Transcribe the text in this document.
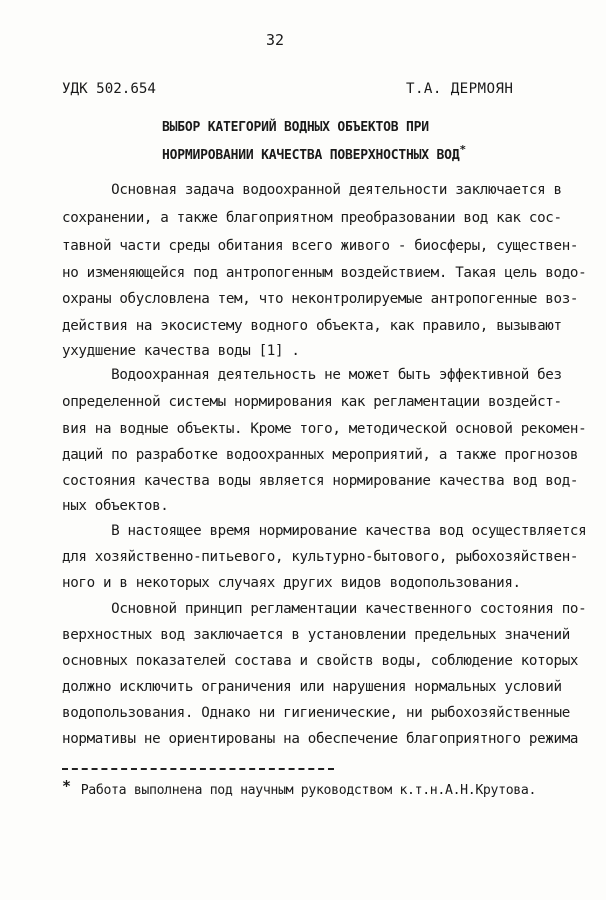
32
УДК 502.654	Т.А. ДЕРМОЯН
ВЫБОР КАТЕГОРИЙ ВОДНЫХ ОБЪЕКТОВ ПРИ
НОРМИРОВАНИИ КАЧЕСТВА ПОВЕРХНОСТНЫХ ВОД*
Основная задача водоохранной деятельности заключается в
сохранении, а также благоприятном преобразовании вод как сос-
тавной части среды обитания всего живого - биосферы, существен-
но изменяющейся под антропогенным воздействием. Такая цель водо-
охраны обусловлена тем, что неконтролируемые антропогенные воз-
действия на экосистему водного объекта, как правило, вызывают
ухудшение качества воды [1] .
Водоохранная деятельность не может быть эффективной без
определенной системы нормирования как регламентации воздейст-
вия на водные объекты. Кроме того, методической основой рекомен-
даций по разработке водоохранных мероприятий, а также прогнозов
состояния качества воды является нормирование качества вод вод-
ных объектов.
В настоящее время нормирование качества вод осуществляется
для хозяйственно-питьевого, культурно-бытового, рыбохозяйствен-
ного и в некоторых случаях других видов водопользования.
Основной принцип регламентации качественного состояния по-
верхностных вод заключается в установлении предельных значений
основных показателей состава и свойств воды, соблюдение которых
должно исключить ограничения или нарушения нормальных условий
водопользования. Однако ни гигиенические, ни рыбохозяйственные
нормативы не ориентированы на обеспечение благоприятного режима
* Работа выполнена под научным руководством к.т.н.А.Н.Крутова.
